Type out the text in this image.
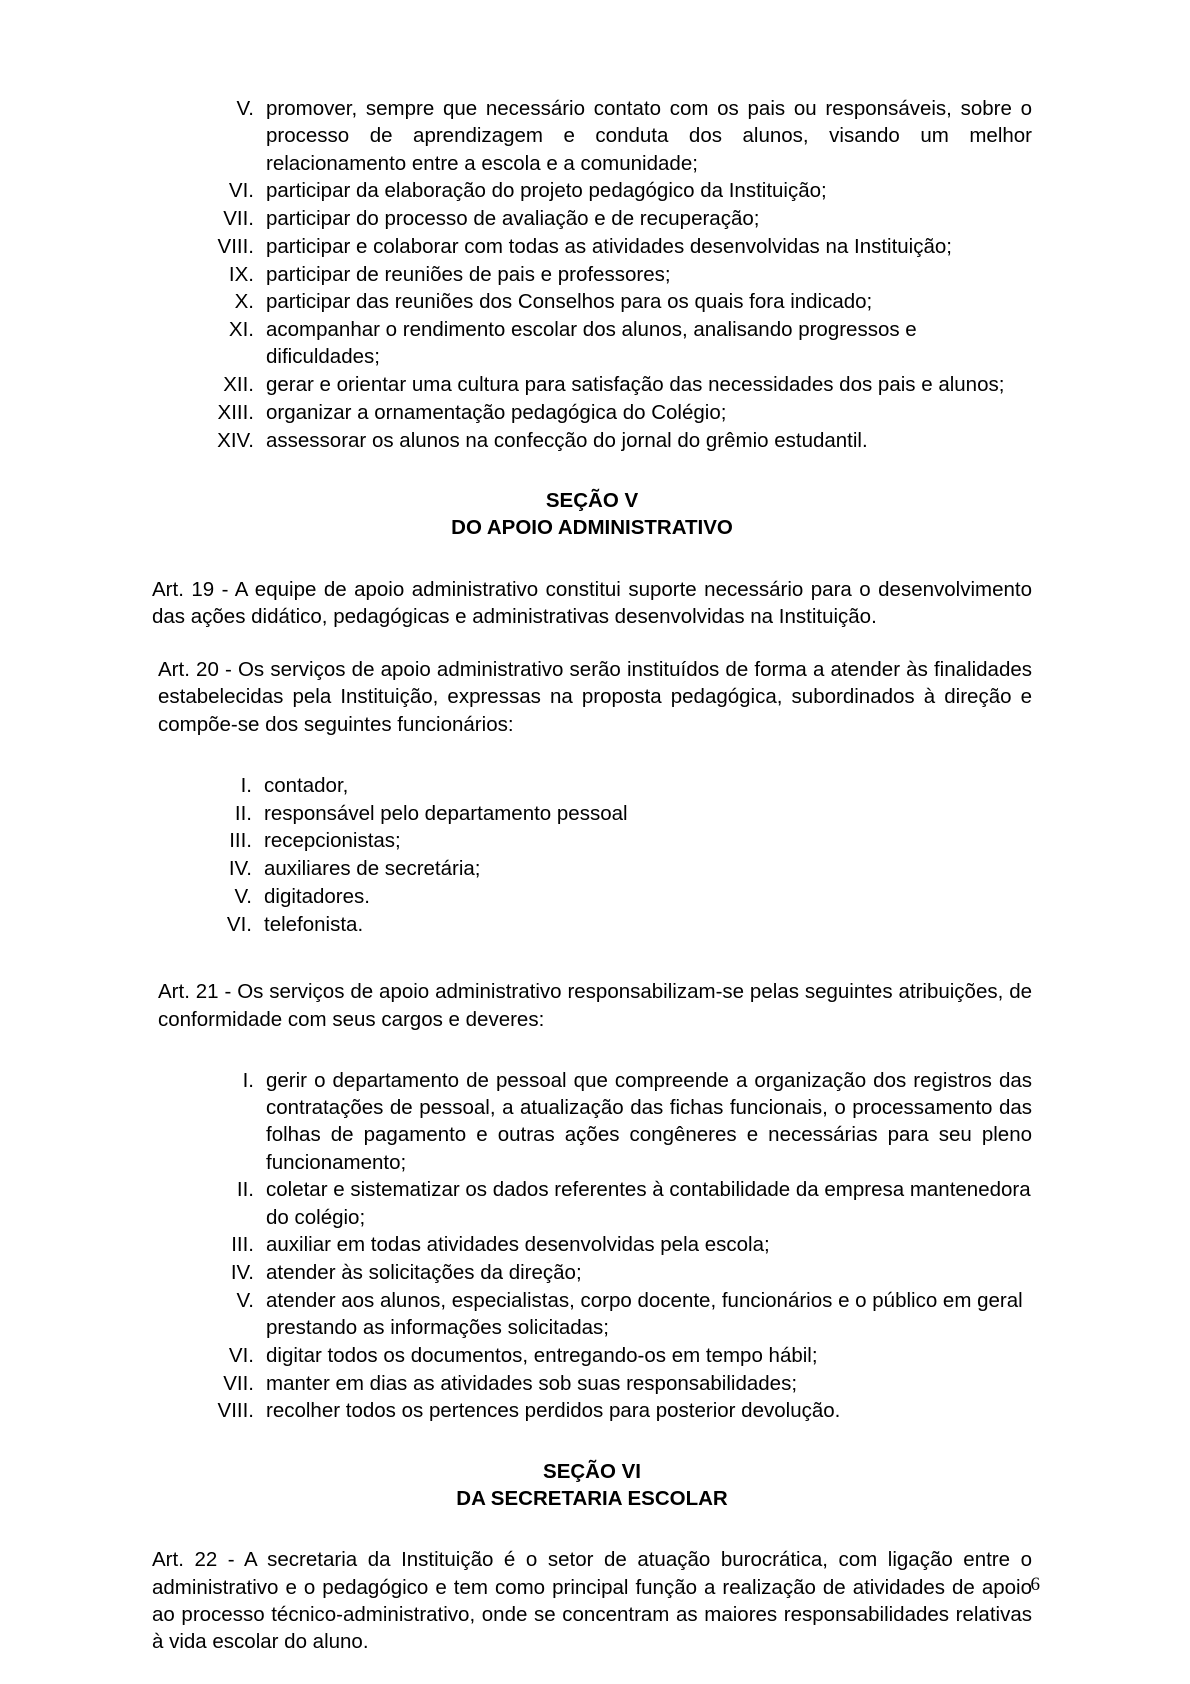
V. promover, sempre que necessário contato com os pais ou responsáveis, sobre o processo de aprendizagem e conduta dos alunos, visando um melhor relacionamento entre a escola e a comunidade;
VI. participar da elaboração do projeto pedagógico da Instituição;
VII. participar do processo de avaliação e de recuperação;
VIII. participar e colaborar com todas as atividades desenvolvidas na Instituição;
IX. participar de reuniões de pais e professores;
X. participar das reuniões dos Conselhos para os quais fora indicado;
XI. acompanhar o rendimento escolar dos alunos, analisando progressos e dificuldades;
XII. gerar e orientar uma cultura para satisfação das necessidades dos pais e alunos;
XIII. organizar a ornamentação pedagógica do Colégio;
XIV. assessorar os alunos na confecção do jornal do grêmio estudantil.
SEÇÃO V
DO APOIO ADMINISTRATIVO

Art. 19 - A equipe de apoio administrativo constitui suporte necessário para o desenvolvimento das ações didático, pedagógicas e administrativas desenvolvidas na Instituição.

Art. 20 - Os serviços de apoio administrativo serão instituídos de forma a atender às finalidades estabelecidas pela Instituição, expressas na proposta pedagógica, subordinados à direção e compõe-se dos seguintes funcionários:

I. contador,
II. responsável pelo departamento pessoal
III. recepcionistas;
IV. auxiliares de secretária;
V. digitadores.
VI. telefonista.

Art. 21 - Os serviços de apoio administrativo responsabilizam-se pelas seguintes atribuições, de conformidade com seus cargos e deveres:

I. gerir o departamento de pessoal que compreende a organização dos registros das contratações de pessoal, a atualização das fichas funcionais, o processamento das folhas de pagamento e outras ações congêneres e necessárias para seu pleno funcionamento;
II. coletar e sistematizar os dados referentes à contabilidade da empresa mantenedora do colégio;
III. auxiliar em todas atividades desenvolvidas pela escola;
IV. atender às solicitações da direção;
V. atender aos alunos, especialistas, corpo docente, funcionários e o público em geral prestando as informações solicitadas;
VI. digitar todos os documentos, entregando-os em tempo hábil;
VII. manter em dias as atividades sob suas responsabilidades;
VIII. recolher todos os pertences perdidos para posterior devolução.
SEÇÃO VI
DA SECRETARIA ESCOLAR

Art. 22 - A secretaria da Instituição é o setor de atuação burocrática, com ligação entre o administrativo e o pedagógico e tem como principal função a realização de atividades de apoio ao processo técnico-administrativo, onde se concentram as maiores responsabilidades relativas à vida escolar do aluno.

6
